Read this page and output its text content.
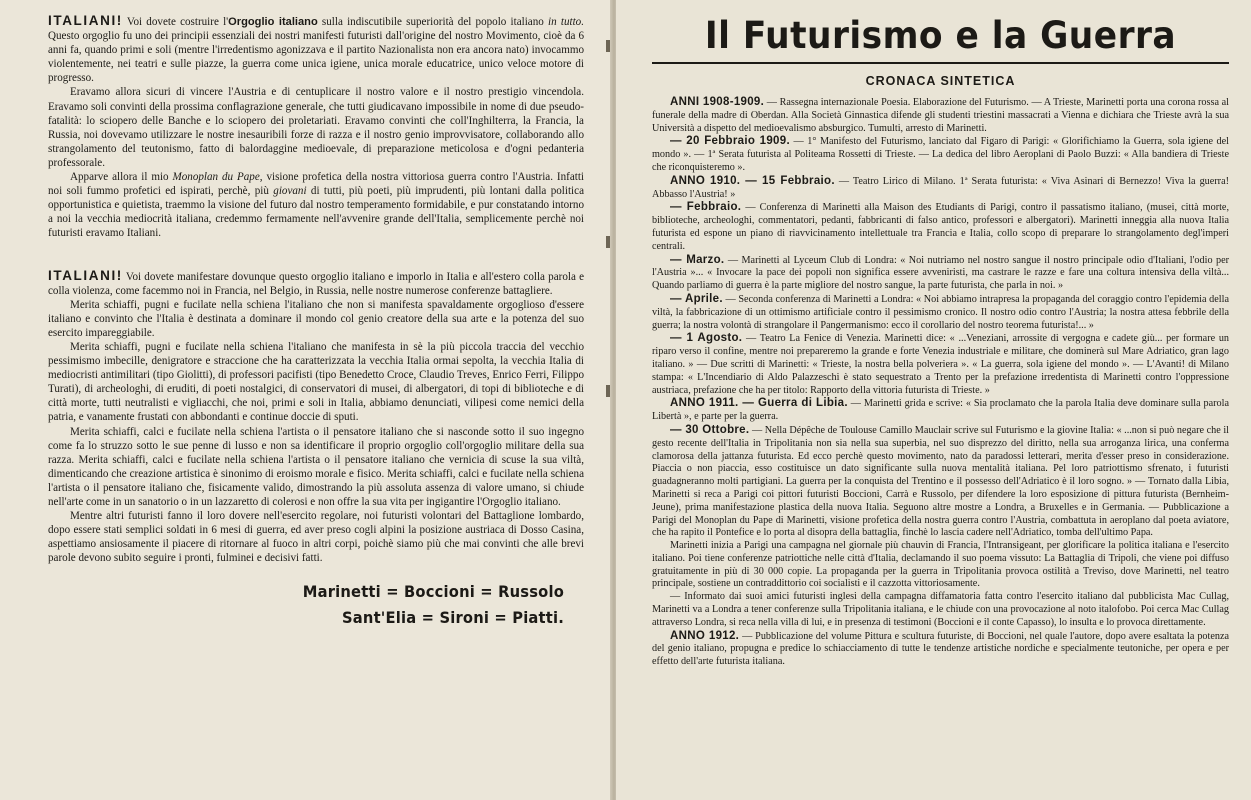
ITALIANI! Voi dovete costruire l'Orgoglio italiano sulla indiscutibile superiorità del popolo italiano in tutto. Questo orgoglio fu uno dei principii essenziali dei nostri manifesti futuristi dall'origine del nostro Movimento, cioè da 6 anni fa, quando primi e soli (mentre l'irredentismo agonizzava e il partito Nazionalista non era ancora nato) invocammo violentemente, nei teatri e sulle piazze, la guerra come unica igiene, unica morale educatrice, unico veloce motore di progresso.

Eravamo allora sicuri di vincere l'Austria e di centuplicare il nostro valore e il nostro prestigio vincendola. Eravamo soli convinti della prossima conflagrazione generale, che tutti giudicavano impossibile in nome di due pseudo-fatalità: lo sciopero delle Banche e lo sciopero dei proletariati. Eravamo convinti che coll'Inghilterra, la Francia, la Russia, noi dovevamo utilizzare le nostre inesauribili forze di razza e il nostro genio improvvisatore, collaborando allo strangolamento del teutonismo, fatto di balordaggine medioevale, di preparazione meticolosa e d'ogni pedanteria professorale.

Apparve allora il mio Monoplan du Pape, visione profetica della nostra vittoriosa guerra contro l'Austria. Infatti noi soli fummo profetici ed ispirati, perchè, più giovani di tutti, più poeti, più imprudenti, più lontani dalla politica opportunistica e quietista, traemmo la visione del futuro dal nostro temperamento formidabile, e pur constatando intorno a noi la vecchia mediocrità italiana, credemmo fermamente nell'avvenire grande dell'Italia, semplicemente perchè noi futuristi eravamo Italiani.

ITALIANI! Voi dovete manifestare dovunque questo orgoglio italiano e imporlo in Italia e all'estero colla parola e colla violenza, come facemmo noi in Francia, nel Belgio, in Russia, nelle nostre numerose conferenze battagliere.

Merita schiaffi, pugni e fucilate nella schiena l'italiano che non si manifesta spavaldamente orgoglioso d'essere italiano e convinto che l'Italia è destinata a dominare il mondo col genio creatore della sua arte e la potenza del suo esercito impareggiabile.

Merita schiaffi, pugni e fucilate nella schiena l'italiano che manifesta in sè la più piccola traccia del vecchio pessimismo imbecille, denigratore e straccione che ha caratterizzata la vecchia Italia ormai sepolta, la vecchia Italia di mediocristi antimilitari (tipo Giolitti), di professori pacifisti (tipo Benedetto Croce, Claudio Treves, Enrico Ferri, Filippo Turati), di archeologhi, di eruditi, di poeti nostalgici, di conservatori di musei, di albergatori, di topi di biblioteche e di città morte, tutti neutralisti e vigliacchi, che noi, primi e soli in Italia, abbiamo denunciati, vilipesi come nemici della patria, e vanamente frustati con abbondanti e continue doccie di sputi.

Merita schiaffi, calci e fucilate nella schiena l'artista o il pensatore italiano che si nasconde sotto il suo ingegno come fa lo struzzo sotto le sue penne di lusso e non sa identificare il proprio orgoglio coll'orgoglio militare della sua razza. Merita schiaffi, calci e fucilate nella schiena l'artista o il pensatore italiano che vernicia di scuse la sua viltà, dimenticando che creazione artistica è sinonimo di eroismo morale e fisico. Merita schiaffi, calci e fucilate nella schiena l'artista o il pensatore italiano che, fisicamente valido, dimostrando la più assoluta assenza di valore umano, si chiude nell'arte come in un sanatorio o in un lazzaretto di colerosi e non offre la sua vita per ingigantire l'Orgoglio italiano.

Mentre altri futuristi fanno il loro dovere nell'esercito regolare, noi futuristi volontari del Battaglione lombardo, dopo essere stati semplici soldati in 6 mesi di guerra, ed aver preso cogli alpini la posizione austriaca di Dosso Casina, aspettiamo ansiosamente il piacere di ritornare al fuoco in altri corpi, poichè siamo più che mai convinti che alle brevi parole devono subito seguire i pronti, fulminei e decisivi fatti.

Marinetti = Boccioni = Russolo
Sant'Elia = Sironi = Piatti.
Il Futurismo e la Guerra
CRONACA SINTETICA

ANNI 1908-1909. — Rassegna internazionale Poesia. Elaborazione del Futurismo. — A Trieste, Marinetti porta una corona rossa al funerale della madre di Oberdan. Alla Società Ginnastica difende gli studenti triestini massacrati a Vienna e dichiara che Trieste avrà la sua Università a dispetto del medioevalismo absburgico. Tumulti, arresto di Marinetti.

— 20 Febbraio 1909. — 1° Manifesto del Futurismo, lanciato dal Figaro di Parigi: « Glorifichiamo la Guerra, sola igiene del mondo ». — 1ª Serata futurista al Politeama Rossetti di Trieste. — La dedica del libro Aeroplani di Paolo Buzzi: « Alla bandiera di Trieste che riconquisteremo ».

ANNO 1910. — 15 Febbraio. — Teatro Lirico di Milano. 1ª Serata futurista: « Viva Asinari di Bernezzo! Viva la guerra! Abbasso l'Austria! »

— Febbraio. — Conferenza di Marinetti alla Maison des Etudiants di Parigi, contro il passatismo italiano, (musei, città morte, biblioteche, archeologhi, commentatori, pedanti, fabbricanti di falso antico, professori e albergatori). Marinetti inneggia alla nuova Italia futurista ed espone un piano di riavvicinamento intellettuale tra Francia e Italia, collo scopo di preparare lo strangolamento degl'imperi centrali.

— Marzo. — Marinetti al Lyceum Club di Londra: « Noi nutriamo nel nostro sangue il nostro principale odio d'Italiani, l'odio per l'Austria »... « Invocare la pace dei popoli non significa essere avveniristi, ma castrare le razze e fare una coltura intensiva della viltà... Quando parliamo di guerra è la parte migliore del nostro sangue, la parte futurista, che parla in noi. »

— Aprile. — Seconda conferenza di Marinetti a Londra: « Noi abbiamo intrapresa la propaganda del coraggio contro l'epidemia della viltà, la fabbricazione di un ottimismo artificiale contro il pessimismo cronico. Il nostro odio contro l'Austria; la nostra attesa febbrile della guerra; la nostra volontà di strangolare il Pangermanismo: ecco il corollario del nostro teorema futurista!... »

— 1 Agosto. — Teatro La Fenice di Venezia. Marinetti dice: « ...Veneziani, arrossite di vergogna e cadete giù... per formare un riparo verso il confine, mentre noi prepareremo la grande e forte Venezia industriale e militare, che dominerà sul Mare Adriatico, gran lago italiano. » — Due scritti di Marinetti: « Trieste, la nostra bella polveriera ». « La guerra, sola igiene del mondo ». — L'Avanti! di Milano stampa: « L'Incendiario di Aldo Palazzeschi è stato sequestrato a Trento per la prefazione irredentista di Marinetti contro l'oppressione austriaca, prefazione che ha per titolo: Rapporto della vittoria futurista di Trieste. »

ANNO 1911. — Guerra di Libia. — Marinetti grida e scrive: « Sia proclamato che la parola Italia deve dominare sulla parola Libertà », e parte per la guerra.

— 30 Ottobre. — Nella Dépêche de Toulouse Camillo Mauclair scrive sul Futurismo e la giovine Italia: « ...non si può negare che il gesto recente dell'Italia in Tripolitania non sia nella sua superbia, nel suo disprezzo del diritto, nella sua arroganza lirica, una conferma clamorosa della jattanza futurista. Ed ecco perchè questo movimento, nato da paradossi letterari, merita d'esser preso in considerazione. Piaccia o non piaccia, esso costituisce un dato significante sulla nuova mentalità italiana. Pel loro patriottismo sfrenato, i futuristi guadagneranno molti partigiani. La guerra per la conquista del Trentino e il possesso dell'Adriatico è il loro sogno. » — Tornato dalla Libia, Marinetti si reca a Parigi coi pittori futuristi Boccioni, Carrà e Russolo, per difendere la loro esposizione di pittura futurista (Bernheim-Jeune), prima manifestazione plastica della nuova Italia. Seguono altre mostre a Londra, a Bruxelles e in Germania. — Pubblicazione a Parigi del Monoplan du Pape di Marinetti, visione profetica della nostra guerra contro l'Austria, combattuta in aeroplano dal poeta aviatore, che ha rapito il Pontefice e lo porta al disopra della battaglia, finchè lo lascia cadere nell'Adriatico, tomba dell'ultimo Papa.

Marinetti inizia a Parigi una campagna nel giornale più chauvin di Francia, l'Intransigeant, per glorificare la politica italiana e l'esercito italiano. Poi tiene conferenze patriottiche nelle città d'Italia, declamando il suo poema vissuto: La Battaglia di Tripoli, che viene poi diffuso gratuitamente in più di 30 000 copie. La propaganda per la guerra in Tripolitania provoca ostilità a Treviso, dove Marinetti, nel teatro principale, sostiene un contraddittorio coi socialisti e il cazzotta vittoriosamente.

— Informato dai suoi amici futuristi inglesi della campagna diffamatoria fatta contro l'esercito italiano dal pubblicista Mac Cullag, Marinetti va a Londra a tener conferenze sulla Tripolitania italiana, e le chiude con una provocazione al noto italofobo. Poi cerca Mac Cullag attraverso Londra, si reca nella villa di lui, e in presenza di testimoni (Boccioni e il conte Capasso), lo insulta e lo provoca direttamente.

ANNO 1912. — Pubblicazione del volume Pittura e scultura futuriste, di Boccioni, nel quale l'autore, dopo avere esaltata la potenza del genio italiano, propugna e predice lo schiacciamento di tutte le tendenze artistiche nordiche e specialmente teutoniche, per opera e per effetto dell'arte futurista italiana.
